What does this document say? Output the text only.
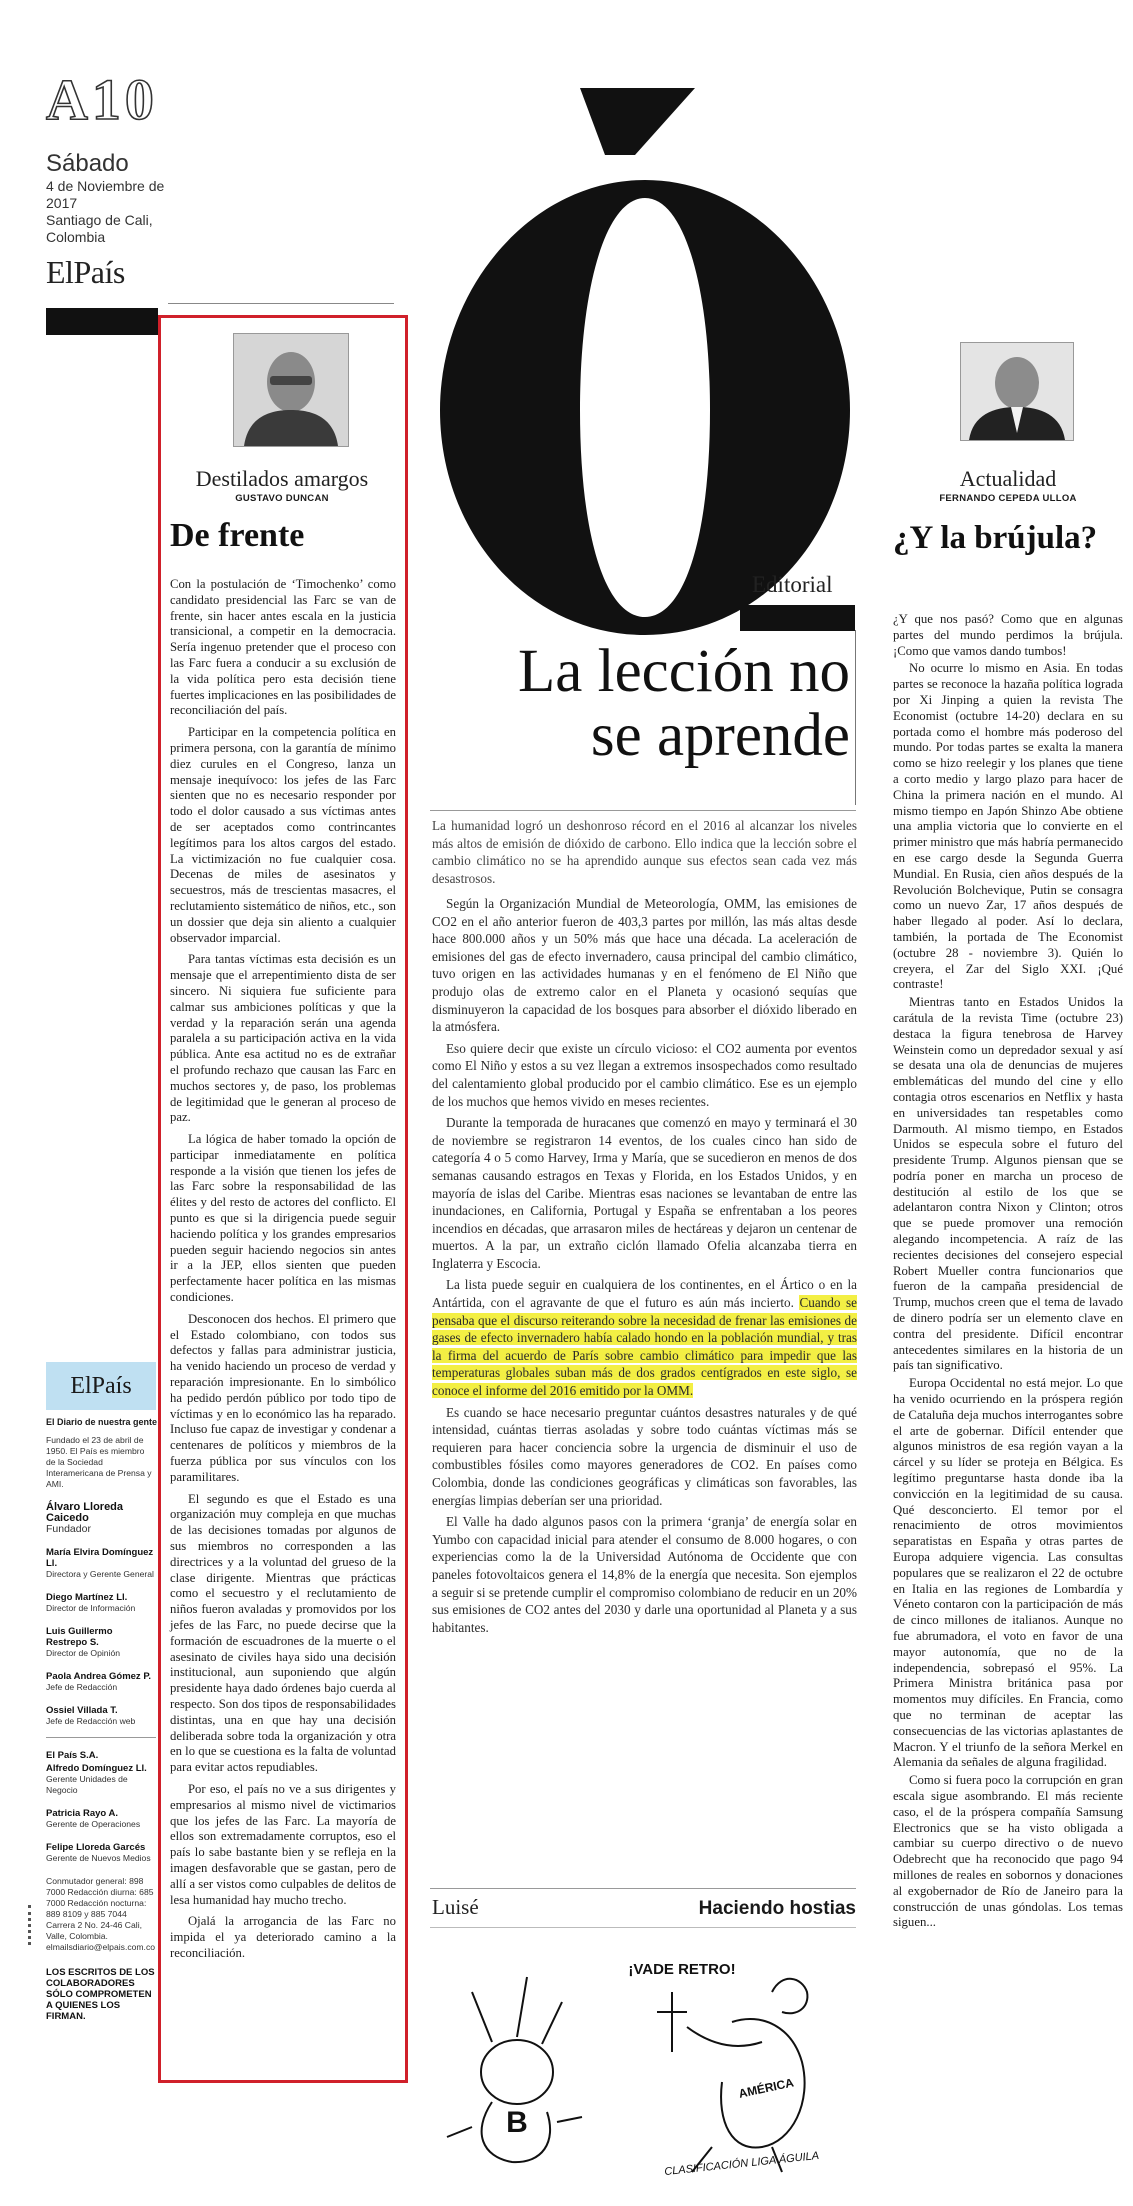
A10
Sábado
4 de Noviembre de 2017
Santiago de Cali, Colombia
ElPaís
Destilados amargos
GUSTAVO DUNCAN
De frente

Con la postulación de ‘Timochenko’ como candidato presidencial las Farc se van de frente, sin hacer antes escala en la justicia transicional, a competir en la democracia. Sería ingenuo pretender que el proceso con las Farc fuera a conducir a su exclusión de la vida política pero esta decisión tiene fuertes implicaciones en las posibilidades de reconciliación del país.

Participar en la competencia política en primera persona, con la garantía de mínimo diez curules en el Congreso, lanza un mensaje inequívoco: los jefes de las Farc sienten que no es necesario responder por todo el dolor causado a sus víctimas antes de ser aceptados como contrincantes legítimos para los altos cargos del estado. La victimización no fue cualquier cosa. Decenas de miles de asesinatos y secuestros, más de trescientas masacres, el reclutamiento sistemático de niños, etc., son un dossier que deja sin aliento a cualquier observador imparcial.

Para tantas víctimas esta decisión es un mensaje que el arrepentimiento dista de ser sincero. Ni siquiera fue suficiente para calmar sus ambiciones políticas y que la verdad y la reparación serán una agenda paralela a su participación activa en la vida pública. Ante esa actitud no es de extrañar el profundo rechazo que causan las Farc en muchos sectores y, de paso, los problemas de legitimidad que le generan al proceso de paz.

La lógica de haber tomado la opción de participar inmediatamente en política responde a la visión que tienen los jefes de las Farc sobre la responsabilidad de las élites y del resto de actores del conflicto. El punto es que si la dirigencia puede seguir haciendo política y los grandes empresarios pueden seguir haciendo negocios sin antes ir a la JEP, ellos sienten que pueden perfectamente hacer política en las mismas condiciones.

Desconocen dos hechos. El primero que el Estado colombiano, con todos sus defectos y fallas para administrar justicia, ha venido haciendo un proceso de verdad y reparación impresionante. En lo simbólico ha pedido perdón público por todo tipo de víctimas y en lo económico las ha reparado. Incluso fue capaz de investigar y condenar a centenares de políticos y miembros de la fuerza pública por sus vínculos con los paramilitares.

El segundo es que el Estado es una organización muy compleja en que muchas de las decisiones tomadas por algunos de sus miembros no corresponden a las directrices y a la voluntad del grueso de la clase dirigente. Mientras que prácticas como el secuestro y el reclutamiento de niños fueron avaladas y promovidos por los jefes de las Farc, no puede decirse que la formación de escuadrones de la muerte o el asesinato de civiles haya sido una decisión institucional, aun suponiendo que algún presidente haya dado órdenes bajo cuerda al respecto. Son dos tipos de responsabilidades distintas, una en que hay una decisión deliberada sobre toda la organización y otra en lo que se cuestiona es la falta de voluntad para evitar actos repudiables.

Por eso, el país no ve a sus dirigentes y empresarios al mismo nivel de victimarios que los jefes de las Farc. La mayoría de ellos son extremadamente corruptos, eso el país lo sabe bastante bien y se refleja en la imagen desfavorable que se gastan, pero de allí a ser vistos como culpables de delitos de lesa humanidad hay mucho trecho.

Ojalá la arrogancia de las Farc no impida el ya deteriorado camino a la reconciliación.

ElPaís
El Diario de nuestra gente
Fundado el 23 de abril de 1950. El País es miembro de la Sociedad Interamericana de Prensa y AMI.
Álvaro Lloreda Caicedo
Fundador
María Elvira Domínguez Ll.
Directora y Gerente General
Diego Martínez Ll.
Director de Información
Luis Guillermo Restrepo S.
Director de Opinión
Paola Andrea Gómez P.
Jefe de Redacción
Ossiel Villada T.
Jefe de Redacción web
El País S.A.
Alfredo Domínguez Ll.
Gerente Unidades de Negocio
Patricia Rayo A.
Gerente de Operaciones
Felipe Lloreda Garcés
Gerente de Nuevos Medios
Conmutador general: 898 7000 Redacción diurna: 685 7000 Redacción nocturna: 889 8109 y 885 7044 Carrera 2 No. 24-46 Cali, Valle, Colombia. elmailsdiario@elpais.com.co
LOS ESCRITOS DE LOS COLABORADORES SÓLO COMPROMETEN A QUIENES LOS FIRMAN.
Editorial
La lección no
se aprende
La humanidad logró un deshonroso récord en el 2016 al alcanzar los niveles más altos de emisión de dióxido de carbono. Ello indica que la lección sobre el cambio climático no se ha aprendido aunque sus efectos sean cada vez más desastrosos.

Según la Organización Mundial de Meteorología, OMM, las emisiones de CO2 en el año anterior fueron de 403,3 partes por millón, las más altas desde hace 800.000 años y un 50% más que hace una década. La aceleración de emisiones del gas de efecto invernadero, causa principal del cambio climático, tuvo origen en las actividades humanas y en el fenómeno de El Niño que produjo olas de extremo calor en el Planeta y ocasionó sequías que disminuyeron la capacidad de los bosques para absorber el dióxido liberado en la atmósfera.

Eso quiere decir que existe un círculo vicioso: el CO2 aumenta por eventos como El Niño y estos a su vez llegan a extremos insospechados como resultado del calentamiento global producido por el cambio climático. Ese es un ejemplo de los muchos que hemos vivido en meses recientes.

Durante la temporada de huracanes que comenzó en mayo y terminará el 30 de noviembre se registraron 14 eventos, de los cuales cinco han sido de categoría 4 o 5 como Harvey, Irma y María, que se sucedieron en menos de dos semanas causando estragos en Texas y Florida, en los Estados Unidos, y en mayoría de islas del Caribe. Mientras esas naciones se levantaban de entre las inundaciones, en California, Portugal y España se enfrentaban a los peores incendios en décadas, que arrasaron miles de hectáreas y dejaron un centenar de muertos. A la par, un extraño ciclón llamado Ofelia alcanzaba tierra en Inglaterra y Escocia.

La lista puede seguir en cualquiera de los continentes, en el Ártico o en la Antártida, con el agravante de que el futuro es aún más incierto. Cuando se pensaba que el discurso reiterando sobre la necesidad de frenar las emisiones de gases de efecto invernadero había calado hondo en la población mundial, y tras la firma del acuerdo de París sobre cambio climático para impedir que las temperaturas globales suban más de dos grados centígrados en este siglo, se conoce el informe del 2016 emitido por la OMM.

Es cuando se hace necesario preguntar cuántos desastres naturales y de qué intensidad, cuántas tierras asoladas y sobre todo cuántas víctimas más se requieren para hacer conciencia sobre la urgencia de disminuir el uso de combustibles fósiles como mayores generadores de CO2. En países como Colombia, donde las condiciones geográficas y climáticas son favorables, las energías limpias deberían ser una prioridad.

El Valle ha dado algunos pasos con la primera ‘granja’ de energía solar en Yumbo con capacidad inicial para atender el consumo de 8.000 hogares, o con experiencias como la de la Universidad Autónoma de Occidente que con paneles fotovoltaicos genera el 14,8% de la energía que necesita. Son ejemplos a seguir si se pretende cumplir el compromiso colombiano de reducir en un 20% sus emisiones de CO2 antes del 2030 y darle una oportunidad al Planeta y a sus habitantes.

Luisé	Haciendo hostias
B
¡VADE RETRO!
AMÉRICA
CLASIFICACIÓN LIGA ÁGUILA
Actualidad
FERNANDO CEPEDA ULLOA
¿Y la brújula?

¿Y que nos pasó? Como que en algunas partes del mundo perdimos la brújula. ¡Como que vamos dando tumbos!

No ocurre lo mismo en Asia. En todas partes se reconoce la hazaña política lograda por Xi Jinping a quien la revista The Economist (octubre 14-20) declara en su portada como el hombre más poderoso del mundo. Por todas partes se exalta la manera como se hizo reelegir y los planes que tiene a corto medio y largo plazo para hacer de China la primera nación en el mundo. Al mismo tiempo en Japón Shinzo Abe obtiene una amplia victoria que lo convierte en el primer ministro que más habría permanecido en ese cargo desde la Segunda Guerra Mundial. En Rusia, cien años después de la Revolución Bolchevique, Putin se consagra como un nuevo Zar, 17 años después de haber llegado al poder. Así lo declara, también, la portada de The Economist (octubre 28 - noviembre 3). Quién lo creyera, el Zar del Siglo XXI. ¡Qué contraste!

Mientras tanto en Estados Unidos la carátula de la revista Time (octubre 23) destaca la figura tenebrosa de Harvey Weinstein como un depredador sexual y así se desata una ola de denuncias de mujeres emblemáticas del mundo del cine y ello contagia otros escenarios en Netflix y hasta en universidades tan respetables como Darmouth. Al mismo tiempo, en Estados Unidos se especula sobre el futuro del presidente Trump. Algunos piensan que se podría poner en marcha un proceso de destitución al estilo de los que se adelantaron contra Nixon y Clinton; otros que se puede promover una remoción alegando incompetencia. A raíz de las recientes decisiones del consejero especial Robert Mueller contra funcionarios que fueron de la campaña presidencial de Trump, muchos creen que el tema de lavado de dinero podría ser un elemento clave en contra del presidente. Difícil encontrar antecedentes similares en la historia de un país tan significativo.

Europa Occidental no está mejor. Lo que ha venido ocurriendo en la próspera región de Cataluña deja muchos interrogantes sobre el arte de gobernar. Difícil entender que algunos ministros de esa región vayan a la cárcel y su líder se proteja en Bélgica. Es legítimo preguntarse hasta donde iba la convicción en la legitimidad de su causa. Qué desconcierto. El temor por el renacimiento de otros movimientos separatistas en España y otras partes de Europa adquiere vigencia. Las consultas populares que se realizaron el 22 de octubre en Italia en las regiones de Lombardía y Véneto contaron con la participación de más de cinco millones de italianos. Aunque no fue abrumadora, el voto en favor de una mayor autonomía, que no de la independencia, sobrepasó el 95%. La Primera Ministra británica pasa por momentos muy difíciles. En Francia, como que no terminan de aceptar las consecuencias de las victorias aplastantes de Macron. Y el triunfo de la señora Merkel en Alemania da señales de alguna fragilidad.

Como si fuera poco la corrupción en gran escala sigue asombrando. El más reciente caso, el de la próspera compañía Samsung Electronics que se ha visto obligada a cambiar su cuerpo directivo o de nuevo Odebrecht que ha reconocido que pago 94 millones de reales en sobornos y donaciones al exgobernador de Río de Janeiro para la construcción de unas góndolas. Los temas siguen...
